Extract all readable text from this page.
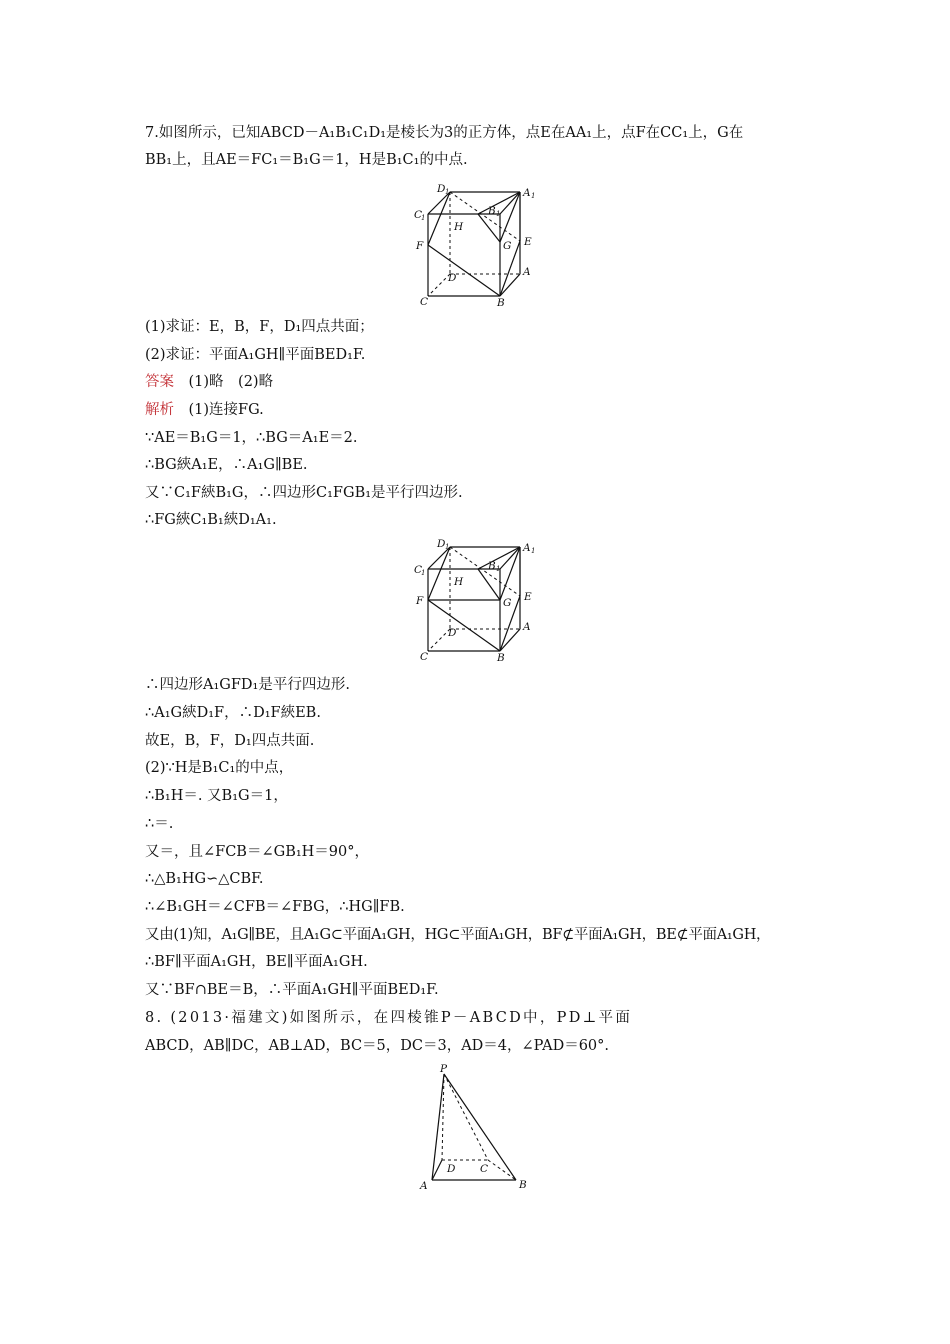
7.如图所示，已知ABCD－A₁B₁C₁D₁是棱长为3的正方体，点E在AA₁上，点F在CC₁上，G在
BB₁上，且AE＝FC₁＝B₁G＝1，H是B₁C₁的中点.
D 1	A 1
C
1
B 1
H
G E
F
D	A
C	B
(1)求证：E，B，F，D₁四点共面；
(2)求证：平面A₁GH∥平面BED₁F.
答案　 (1)略　(2)略
解析　 (1)连接FG.
∵AE＝B₁G＝1，∴BG＝A₁E＝2.
∴BG綊A₁E，∴A₁G∥BE.
又∵C₁F綊B₁G，∴四边形C₁FGB₁是平行四边形.
∴FG綊C₁B₁綊D₁A₁.
D 1	A 1
C
1
B 1
H
G E
F
D	A
C	B
∴四边形A₁GFD₁是平行四边形.
∴A₁G綊D₁F，∴D₁F綊EB.
故E，B，F，D₁四点共面.
(2)∵H是B₁C₁的中点，
∴B₁H＝. 又B₁G＝1，
∴＝.
又＝，且∠FCB＝∠GB₁H＝90°，
∴△B₁HG∽△CBF.
∴∠B₁GH＝∠CFB＝∠FBG，∴HG∥FB.
又由(1)知，A₁G∥BE，且A₁G⊂平面A₁GH，HG⊂平面A₁GH，BF⊄平面A₁GH，BE⊄平面A₁GH，
∴BF∥平面A₁GH，BE∥平面A₁GH.
又∵BF∩BE＝B，∴平面A₁GH∥平面BED₁F.
8. (2013·福建文)如图所示，在四棱锥P－ABCD中，PD⊥平面
ABCD，AB∥DC，AB⊥AD，BC＝5，DC＝3，AD＝4，∠PAD＝60°.
P
D C
A	B
